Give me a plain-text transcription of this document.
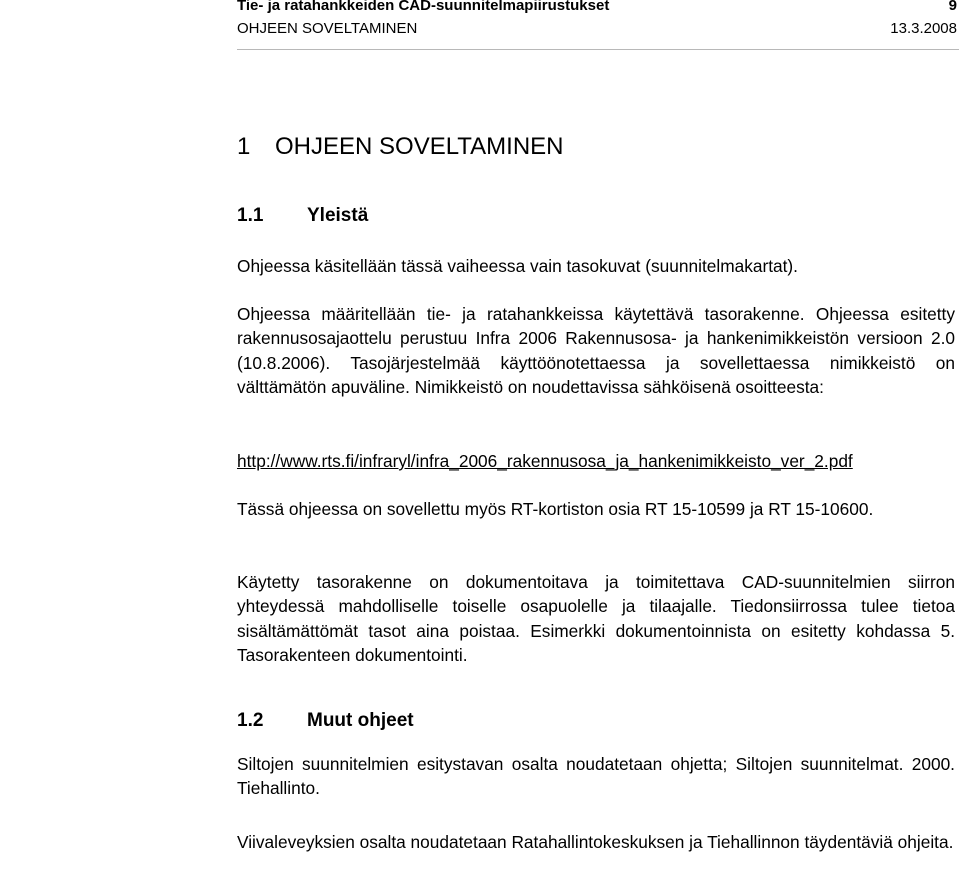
Tie- ja ratahankkeiden CAD-suunnitelmapiirustukset	9
OHJEEN SOVELTAMINEN	13.3.2008
1 OHJEEN SOVELTAMINEN
1.1 Yleistä

Ohjeessa käsitellään tässä vaiheessa vain tasokuvat (suunnitelmakartat).

Ohjeessa määritellään tie- ja ratahankkeissa käytettävä tasorakenne. Ohjeessa esitetty rakennusosajaottelu perustuu Infra 2006 Rakennusosa- ja hankenimikkeistön versioon 2.0 (10.8.2006). Tasojärjestelmää käyttöönotettaessa ja sovellettaessa nimikkeistö on välttämätön apuväline. Nimikkeistö on noudettavissa sähköisenä osoitteesta:

http://www.rts.fi/infraryl/infra_2006_rakennusosa_ja_hankenimikkeisto_ver_2.pdf

Tässä ohjeessa on sovellettu myös RT-kortiston osia RT 15-10599 ja RT 15-10600.

Käytetty tasorakenne on dokumentoitava ja toimitettava CAD-suunnitelmien siirron yhteydessä mahdolliselle toiselle osapuolelle ja tilaajalle. Tiedonsiirrossa tulee tietoa sisältämättömät tasot aina poistaa. Esimerkki dokumentoinnista on esitetty kohdassa 5. Tasorakenteen dokumentointi.

1.2 Muut ohjeet

Siltojen suunnitelmien esitystavan osalta noudatetaan ohjetta; Siltojen suunnitelmat. 2000. Tiehallinto.

Viivaleveyksien osalta noudatetaan Ratahallintokeskuksen ja Tiehallinnon täydentäviä ohjeita.
